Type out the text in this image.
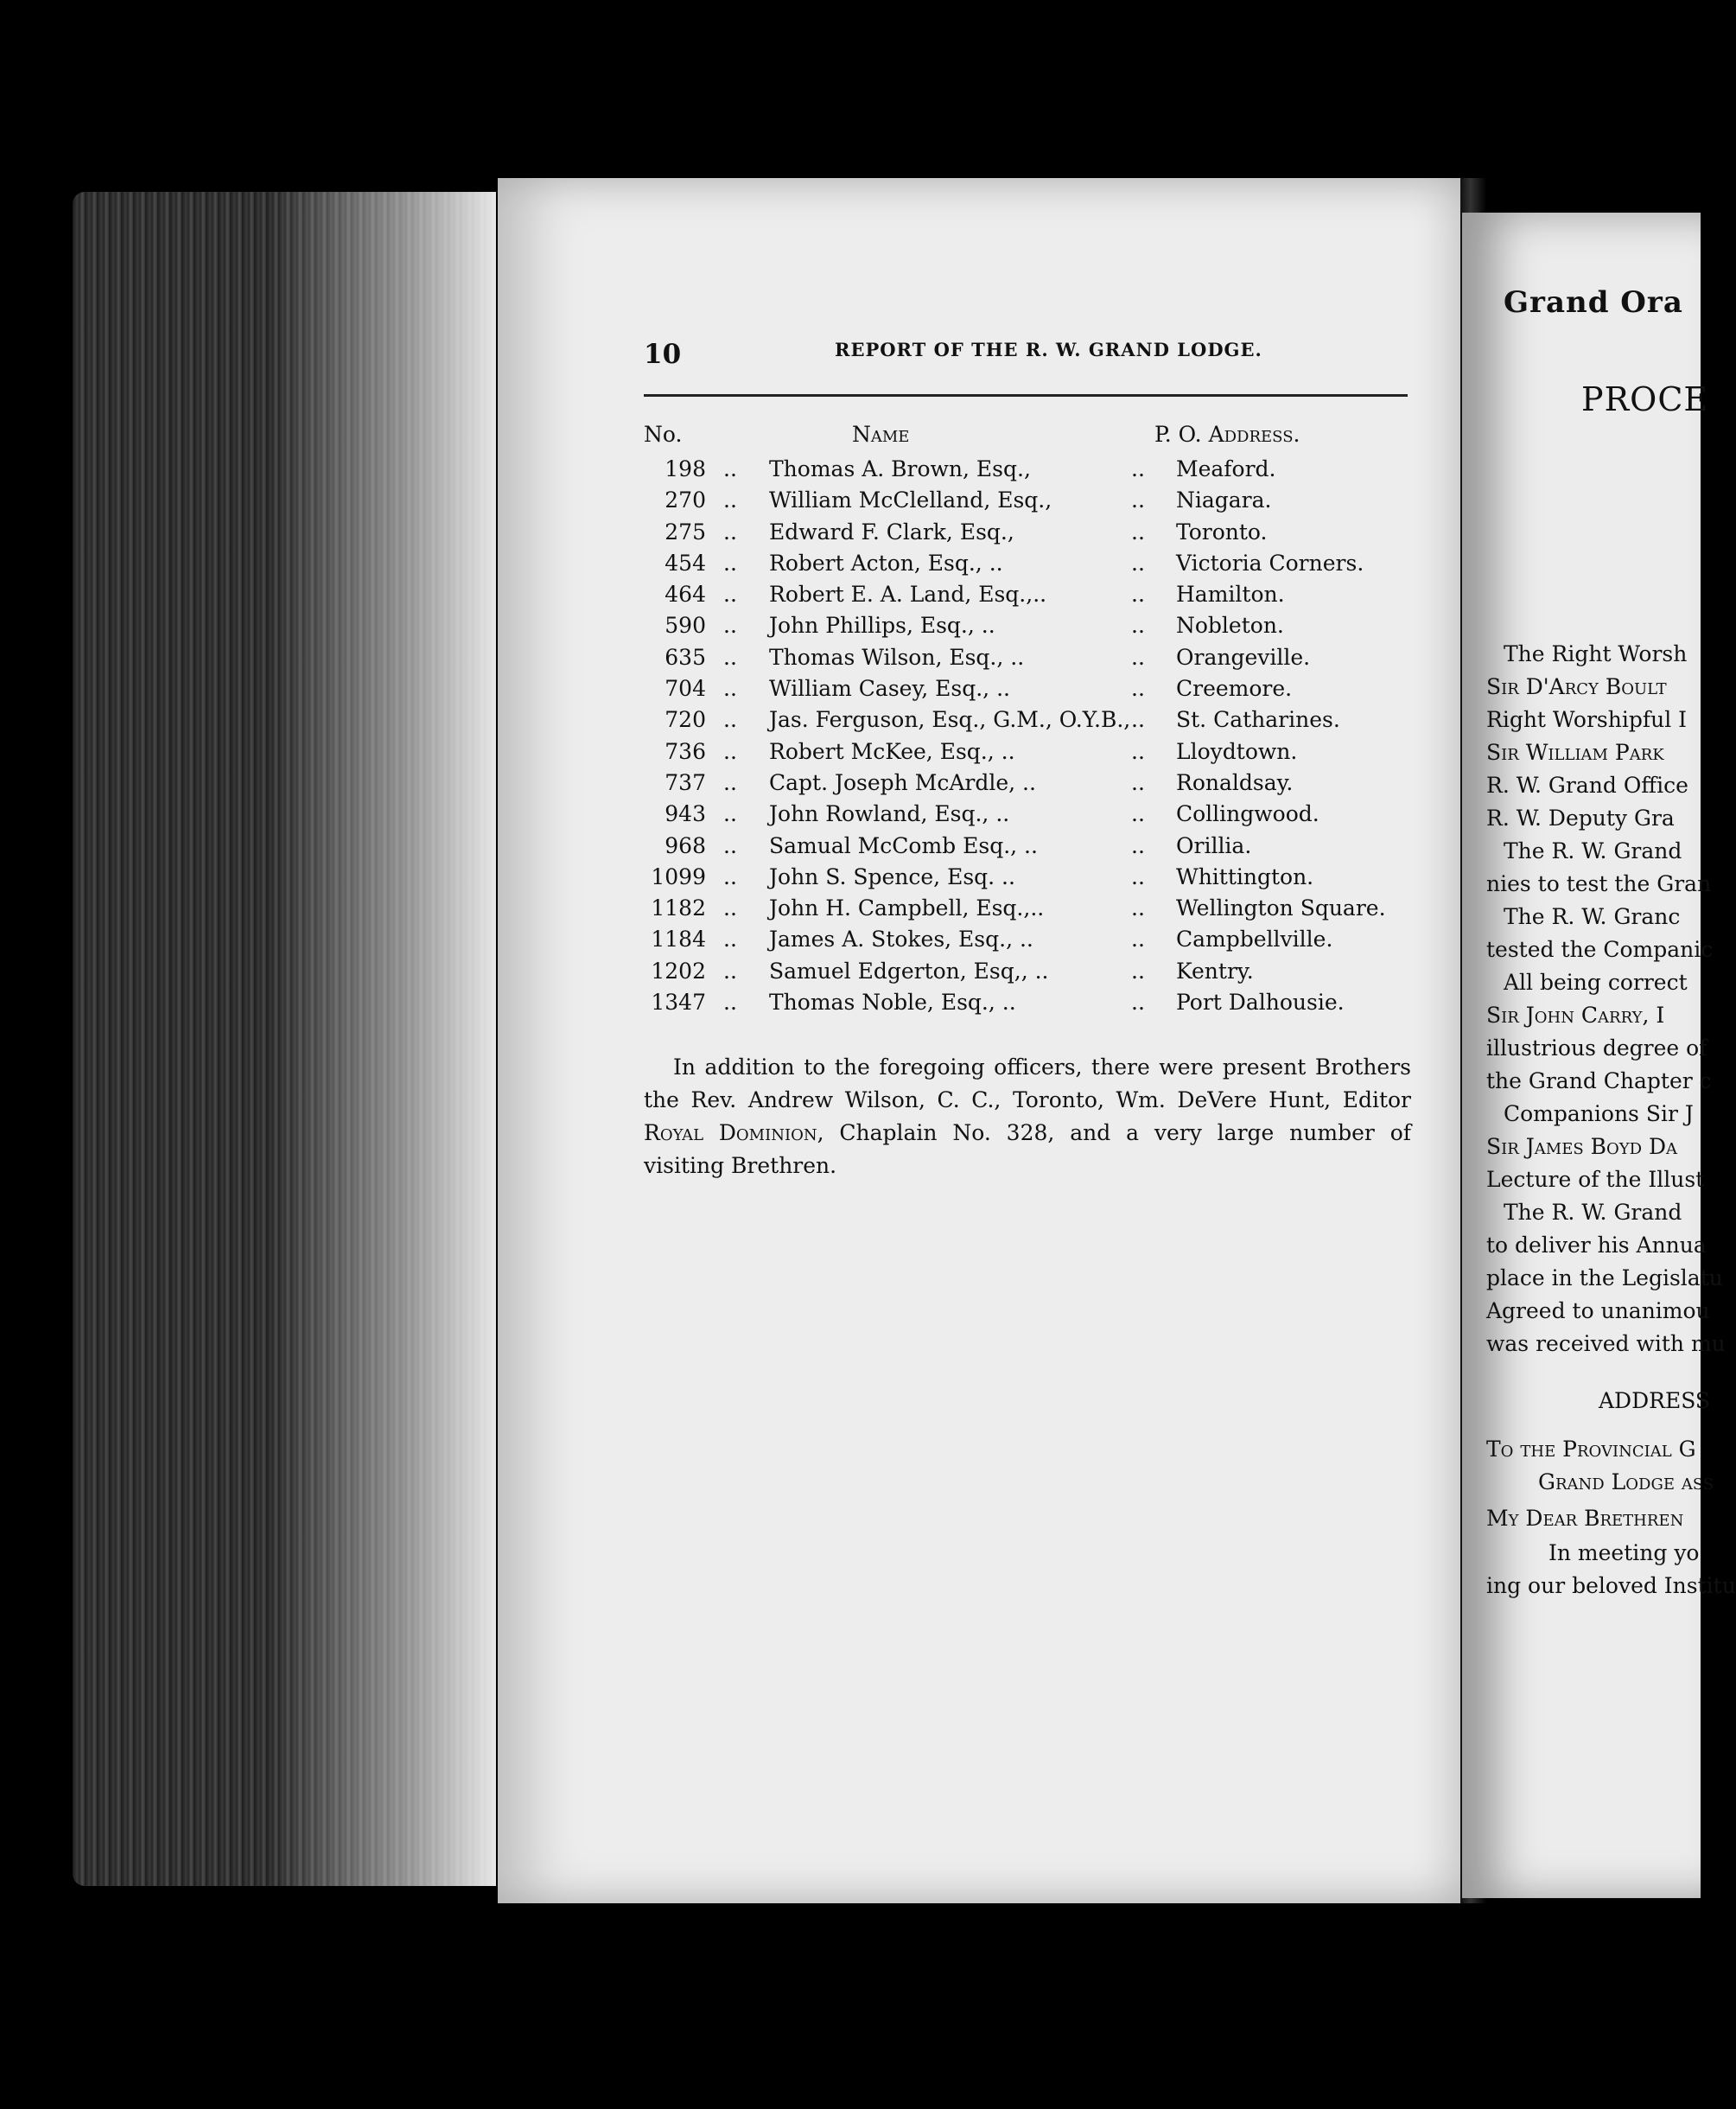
10	REPORT OF THE R. W. GRAND LODGE.
No.	Name	P. O. Address.
198 .. Thomas A. Brown, Esq.,	.. Meaford.
270 .. William McClelland, Esq.,	.. Niagara.
275 .. Edward F. Clark, Esq.,	.. Toronto.
454 .. Robert Acton, Esq., ..	.. Victoria Corners.
464 .. Robert E. A. Land, Esq.,..	.. Hamilton.
590 .. John Phillips, Esq., ..	.. Nobleton.
635 .. Thomas Wilson, Esq., ..	.. Orangeville.
704 .. William Casey, Esq., ..	.. Creemore.
720 .. Jas. Ferguson, Esq., G.M., O.Y.B., .. St. Catharines.
736 .. Robert McKee, Esq., ..	.. Lloydtown.
737 .. Capt. Joseph McArdle, ..	.. Ronaldsay.
943 .. John Rowland, Esq., ..	.. Collingwood.
968 .. Samual McComb Esq., ..	.. Orillia.
1099 .. John S. Spence, Esq. ..	.. Whittington.
1182 .. John H. Campbell, Esq.,..	.. Wellington Square.
1184 .. James A. Stokes, Esq., ..	.. Campbellville.
1202 .. Samuel Edgerton, Esq,, ..	.. Kentry.
1347 .. Thomas Noble, Esq., ..	.. Port Dalhousie.
In addition to the foregoing officers, there were present Brothers the Rev. Andrew Wilson, C. C., Toronto, Wm. DeVere Hunt, Editor Royal Dominion, Chaplain No. 328, and a very large number of visiting Brethren.
Grand Ora
PROCE
The Right Worsh
Sir D'Arcy Boult
Right Worshipful I
Sir William Park
R. W. Grand Office
R. W. Deputy Gra
The R. W. Grand
nies to test the Gran
The R. W. Granc
tested the Companic
All being correct
Sir John Carry, I
illustrious degree of
the Grand Chapter c
Companions Sir J
Sir James Boyd Da
Lecture of the Illust
The R. W. Grand
to deliver his Annua
place in the Legislatu
Agreed to unanimou
was received with mu
ADDRESS
To the Provincial G
Grand Lodge ass
My Dear Brethren
In meeting yo
ing our beloved Institu
